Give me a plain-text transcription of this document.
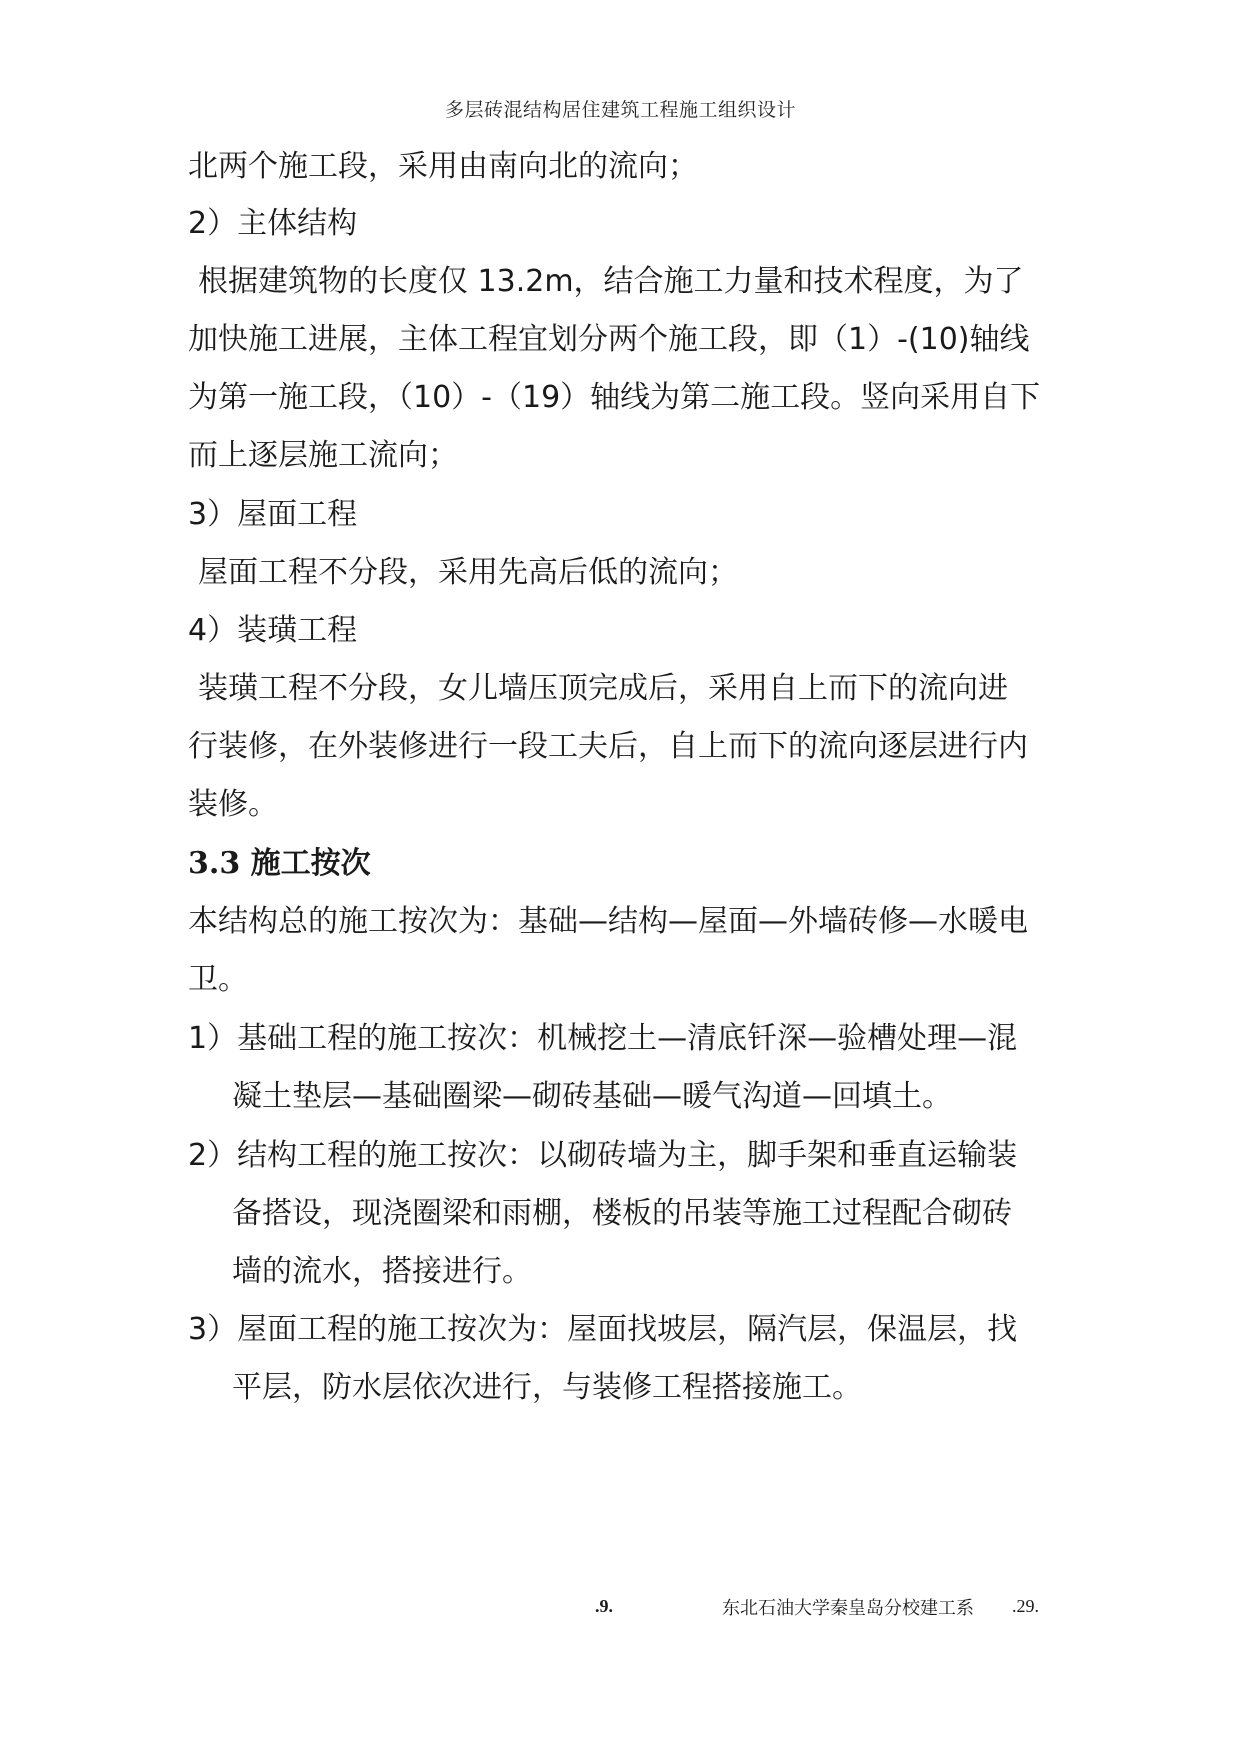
多层砖混结构居住建筑工程施工组织设计
北两个施工段，采用由南向北的流向；
2）主体结构
根据建筑物的长度仅 13.2m，结合施工力量和技术程度，为了
加快施工进展，主体工程宜划分两个施工段，即（1）-(10)轴线
为第一施工段，（10）-（19）轴线为第二施工段。竖向采用自下
而上逐层施工流向；
3）屋面工程
屋面工程不分段，采用先高后低的流向；
4）装璜工程
装璜工程不分段，女儿墙压顶完成后，采用自上而下的流向进
行装修，在外装修进行一段工夫后，自上而下的流向逐层进行内
装修。
3.3 施工按次
本结构总的施工按次为：基础—结构—屋面—外墙砖修—水暖电
卫。
1）基础工程的施工按次：机械挖土—清底钎深—验槽处理—混
凝土垫层—基础圈梁—砌砖基础—暖气沟道—回填土。
2）结构工程的施工按次：以砌砖墙为主，脚手架和垂直运输装
备搭设，现浇圈梁和雨棚，楼板的吊装等施工过程配合砌砖
墙的流水，搭接进行。
3）屋面工程的施工按次为：屋面找坡层，隔汽层，保温层，找
平层，防水层依次进行，与装修工程搭接施工。
.9.	东北石油大学秦皇岛分校建工系 .29.
